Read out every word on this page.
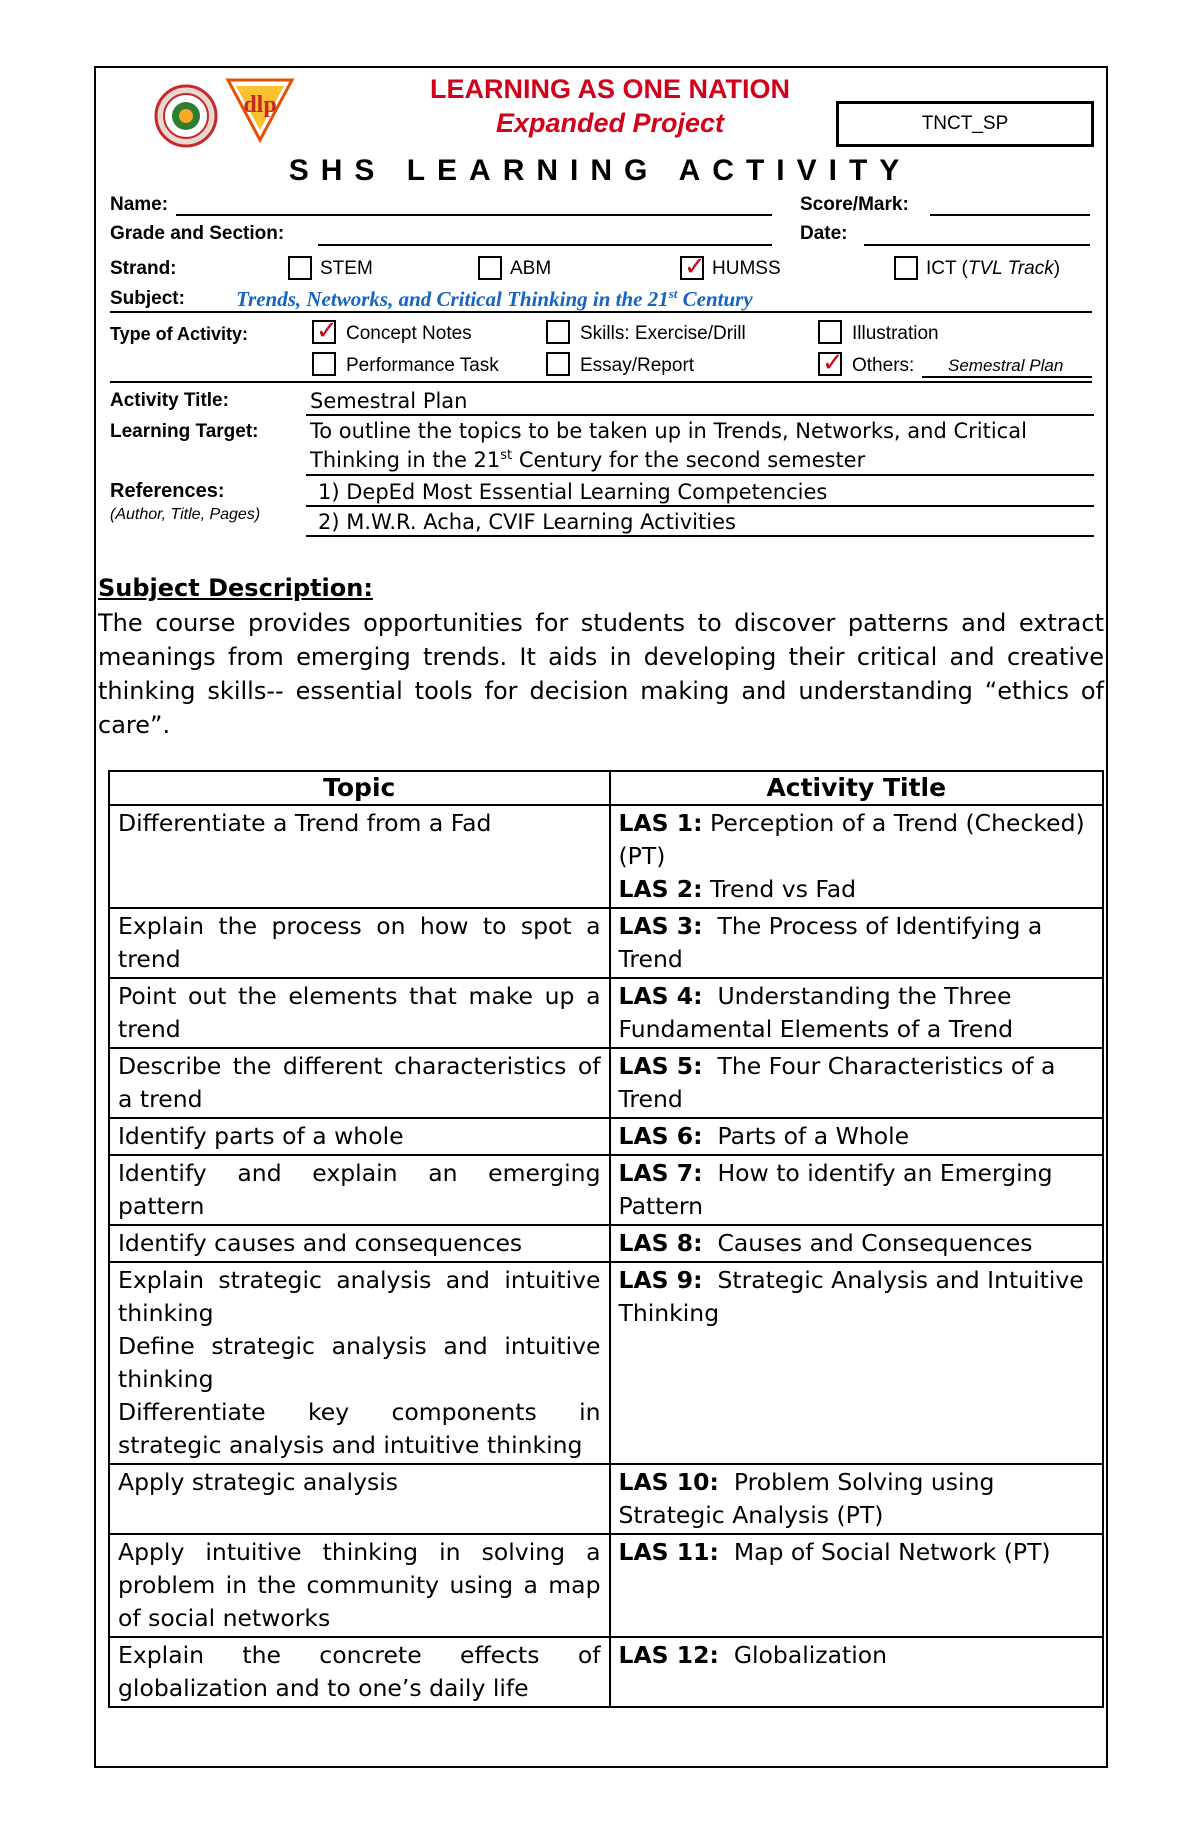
dlp
LEARNING AS ONE NATION
Expanded Project	TNCT_SP
SHS LEARNING ACTIVITY
Name:	Score/Mark:
Grade and Section:	Date:
Strand:	STEM	ABM	✓ HUMSS	ICT (TVL Track)
Subject: Trends, Networks, and Critical Thinking in the 21st Century
Type of Activity:	✓ Concept Notes	Skills: Exercise/Drill	Illustration
Performance Task	Essay/Report	✓ Others: Semestral Plan
Activity Title:	Semestral Plan
Learning Target: To outline the topics to be taken up in Trends, Networks, and Critical
Thinking in the 21st Century for the second semester
References:
(Author, Title, Pages)
1) DepEd Most Essential Learning Competencies
2) M.W.R. Acha, CVIF Learning Activities
Subject Description:
The course provides opportunities for students to discover patterns and extract meanings from emerging trends. It aids in developing their critical and creative thinking skills-- essential tools for decision making and understanding “ethics of care”.
Topic	Activity Title

Differentiate a Trend from a Fad	LAS 1: Perception of a Trend (Checked) (PT)
LAS 2: Trend vs Fad

Explain the process on how to spot a trend	LAS 3:  The Process of Identifying a Trend

Point out the elements that make up a trend	LAS 4:  Understanding the Three Fundamental Elements of a Trend

Describe the different characteristics of a trend	LAS 5:  The Four Characteristics of a Trend

Identify parts of a whole	LAS 6:  Parts of a Whole

Identify and explain an emerging pattern	LAS 7:  How to identify an Emerging Pattern

Identify causes and consequences	LAS 8:  Causes and Consequences

Explain strategic analysis and intuitive thinking
Define strategic analysis and intuitive thinking
Differentiate key components in strategic analysis and intuitive thinking	LAS 9:  Strategic Analysis and Intuitive Thinking

Apply strategic analysis	LAS 10:  Problem Solving using Strategic Analysis (PT)

Apply intuitive thinking in solving a problem in the community using a map of social networks	LAS 11:  Map of Social Network (PT)

Explain the concrete effects of globalization and to one’s daily life	LAS 12:  Globalization
